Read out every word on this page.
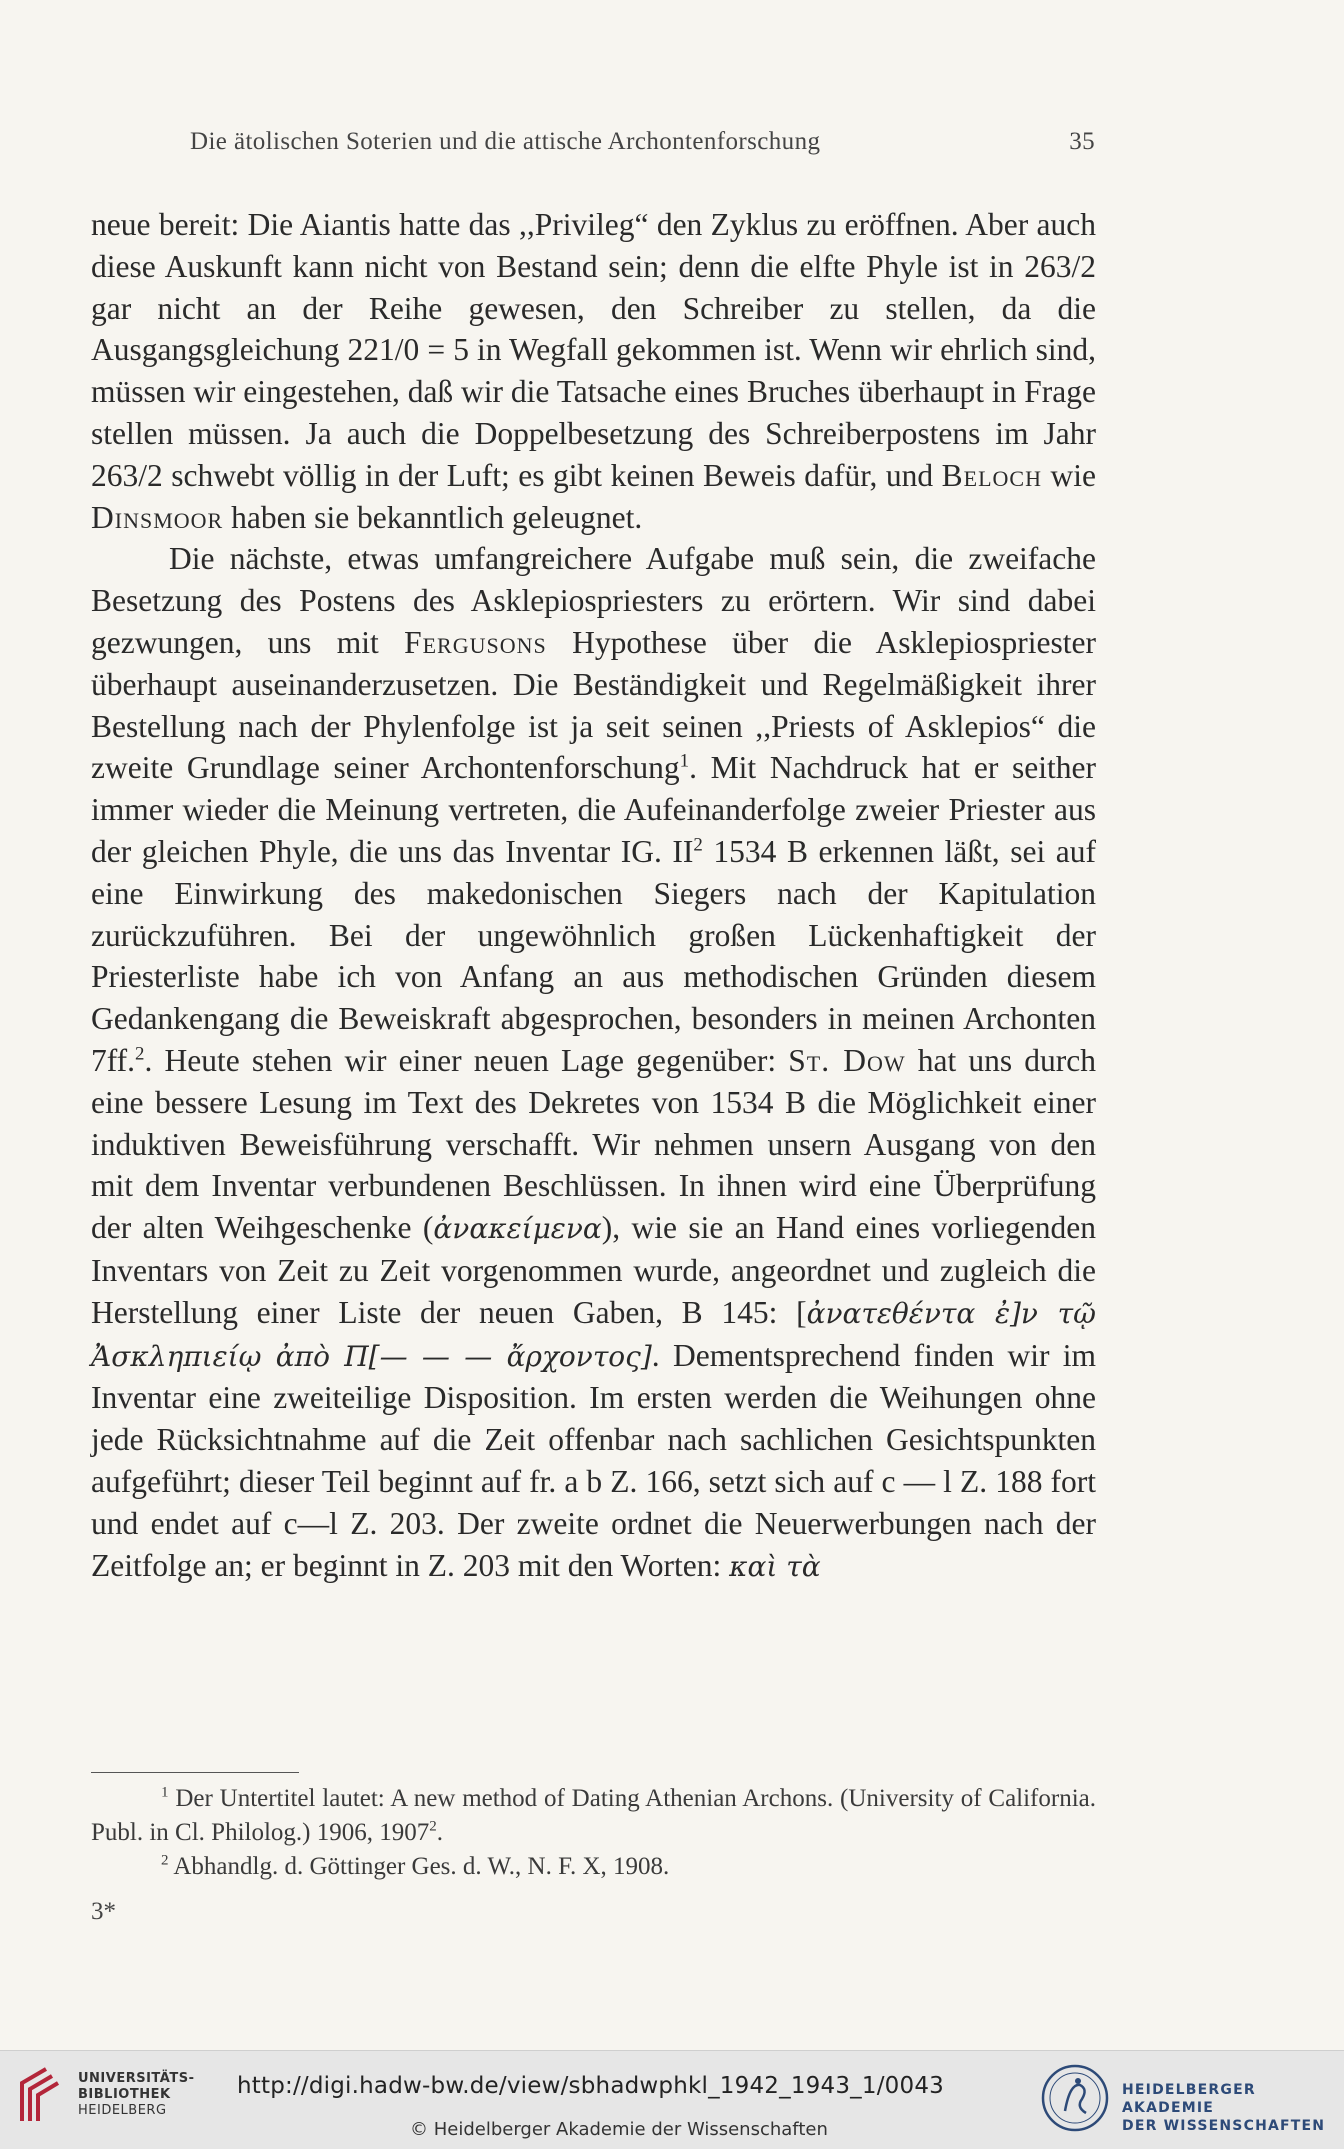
Die ätolischen Soterien und die attische Archontenforschung	35

neue bereit: Die Aiantis hatte das ,,Privileg“ den Zyklus zu eröffnen. Aber auch diese Auskunft kann nicht von Bestand sein; denn die elfte Phyle ist in 263/2 gar nicht an der Reihe gewesen, den Schreiber zu stellen, da die Ausgangsgleichung 221/0 = 5 in Wegfall gekommen ist. Wenn wir ehrlich sind, müssen wir eingestehen, daß wir die Tatsache eines Bruches überhaupt in Frage stellen müssen. Ja auch die Doppelbesetzung des Schreiberpostens im Jahr 263/2 schwebt völlig in der Luft; es gibt keinen Beweis dafür, und Beloch wie Dinsmoor haben sie bekanntlich geleugnet.

Die nächste, etwas umfangreichere Aufgabe muß sein, die zweifache Besetzung des Postens des Asklepiospriesters zu erörtern. Wir sind dabei gezwungen, uns mit Fergusons Hypothese über die Asklepiospriester überhaupt auseinanderzusetzen. Die Beständigkeit und Regelmäßigkeit ihrer Bestellung nach der Phylenfolge ist ja seit seinen ,,Priests of Asklepios“ die zweite Grundlage seiner Archontenforschung$^1$. Mit Nachdruck hat er seither immer wieder die Meinung vertreten, die Aufeinanderfolge zweier Priester aus der gleichen Phyle, die uns das Inventar IG. $II^2$ 1534 B erkennen läßt, sei auf eine Einwirkung des makedonischen Siegers nach der Kapitulation zurückzuführen. Bei der ungewöhnlich großen Lückenhaftigkeit der Priesterliste habe ich von Anfang an aus methodischen Gründen diesem Gedankengang die Beweiskraft abgesprochen, besonders in meinen Archonten 7ff.$^2$. Heute stehen wir einer neuen Lage gegenüber: St. Dow hat uns durch eine bessere Lesung im Text des Dekretes von 1534 B die Möglichkeit einer induktiven Beweisführung verschafft. Wir nehmen unsern Ausgang von den mit dem Inventar verbundenen Beschlüssen. In ihnen wird eine Überprüfung der alten Weihgeschenke (ἀνακείμενα), wie sie an Hand eines vorliegenden Inventars von Zeit zu Zeit vorgenommen wurde, angeordnet und zugleich die Herstellung einer Liste der neuen Gaben, B 145: [ἀνατεθέντα ἐ]ν τῷ Ἀσκληπιείῳ ἀπὸ Π[— — — ἄρχοντος]. Dementsprechend finden wir im Inventar eine zweiteilige Disposition. Im ersten werden die Weihungen ohne jede Rücksichtnahme auf die Zeit offenbar nach sachlichen Gesichtspunkten aufgeführt; dieser Teil beginnt auf fr. a b Z. 166, setzt sich auf c — l Z. 188 fort und endet auf c—l Z. 203. Der zweite ordnet die Neuerwerbungen nach der Zeitfolge an; er beginnt in Z. 203 mit den Worten: καὶ τὰ

$^1$ Der Untertitel lautet: A new method of Dating Athenian Archons. (University of California. Publ. in Cl. Philolog.) 1906, 1907$^2$.

$^2$ Abhandlg. d. Göttinger Ges. d. W., N. F. X, 1908.

3*
UNIVERSITÄTS-
BIBLIOTHEK
HEIDELBERG
http://digi.hadw-bw.de/view/sbhadwphkl_1942_1943_1/0043
© Heidelberger Akademie der Wissenschaften
HEIDELBERGER AKADEMIE
DER WISSENSCHAFTEN
